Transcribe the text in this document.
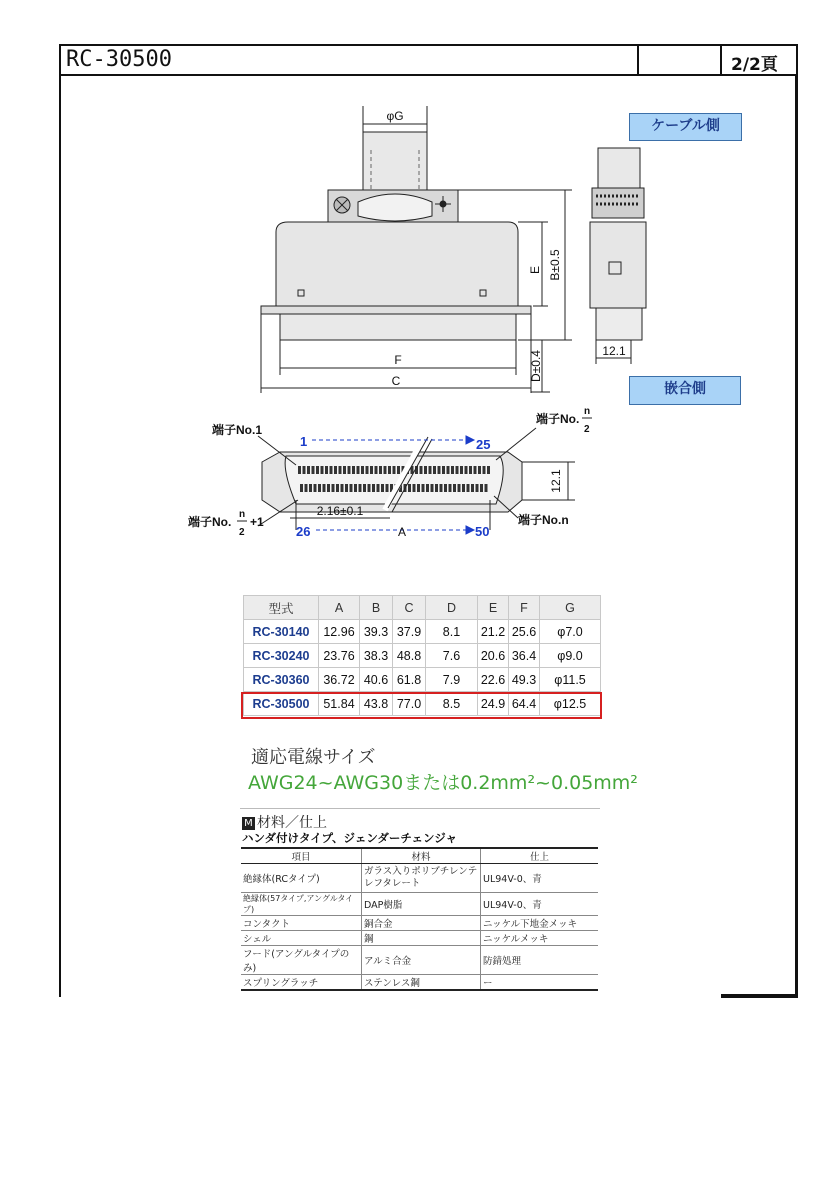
RC-30500	2/2頁
φG
E B±0.5
D±0.4
F
C
12.1
12.1
2.16±0.1
A
端子No.1
端子No.
n
2
端子No.
n
2
+1	端子No.n
1	25
26	50
ケーブル側
嵌合側
型式	A	B	C	D	E	F	G
RC-30140	12.96	39.3	37.9	8.1	21.2	25.6	φ7.0
RC-30240	23.76	38.3	48.8	7.6	20.6	36.4	φ9.0
RC-30360	36.72	40.6	61.8	7.9	22.6	49.3	φ11.5
RC-30500	51.84	43.8	77.0	8.5	24.9	64.4	φ12.5
適応電線サイズ
AWG24~AWG30または0.2mm²~0.05mm²
M 材料／仕上
ハンダ付けタイプ、ジェンダーチェンジャ
項目	材料	仕上
絶縁体(RCタイプ)	ガラス入りポリブチレンテレフタレート	UL94V-0、青
絶縁体(57タイプ,アングルタイプ)	DAP樹脂	UL94V-0、青
コンタクト	銅合金	ニッケル下地金メッキ
シェル	鋼	ニッケルメッキ
フード(アングルタイプのみ)	アルミ合金	防錆処理
スプリングラッチ	ステンレス鋼	ー
